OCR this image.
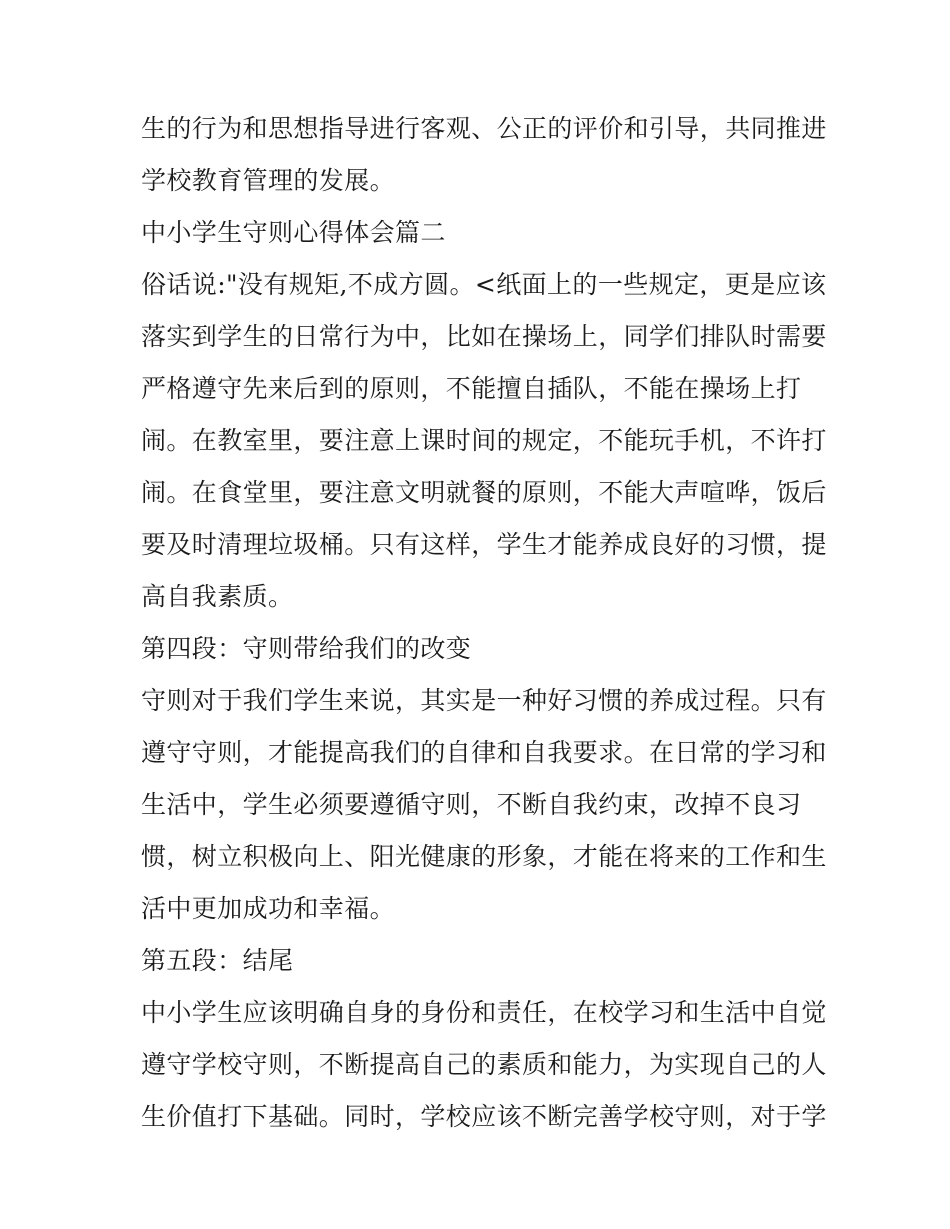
生的行为和思想指导进行客观、公正的评价和引导，共同推进
学校教育管理的发展。
中小学生守则心得体会篇二
俗话说:"没有规矩,不成方圆。<纸面上的一些规定，更是应该
落实到学生的日常行为中，比如在操场上，同学们排队时需要
严格遵守先来后到的原则，不能擅自插队，不能在操场上打
闹。在教室里，要注意上课时间的规定，不能玩手机，不许打
闹。在食堂里，要注意文明就餐的原则，不能大声喧哗，饭后
要及时清理垃圾桶。只有这样，学生才能养成良好的习惯，提
高自我素质。
第四段：守则带给我们的改变
守则对于我们学生来说，其实是一种好习惯的养成过程。只有
遵守守则，才能提高我们的自律和自我要求。在日常的学习和
生活中，学生必须要遵循守则，不断自我约束，改掉不良习
惯，树立积极向上、阳光健康的形象，才能在将来的工作和生
活中更加成功和幸福。
第五段：结尾
中小学生应该明确自身的身份和责任，在校学习和生活中自觉
遵守学校守则，不断提高自己的素质和能力，为实现自己的人
生价值打下基础。同时，学校应该不断完善学校守则，对于学
